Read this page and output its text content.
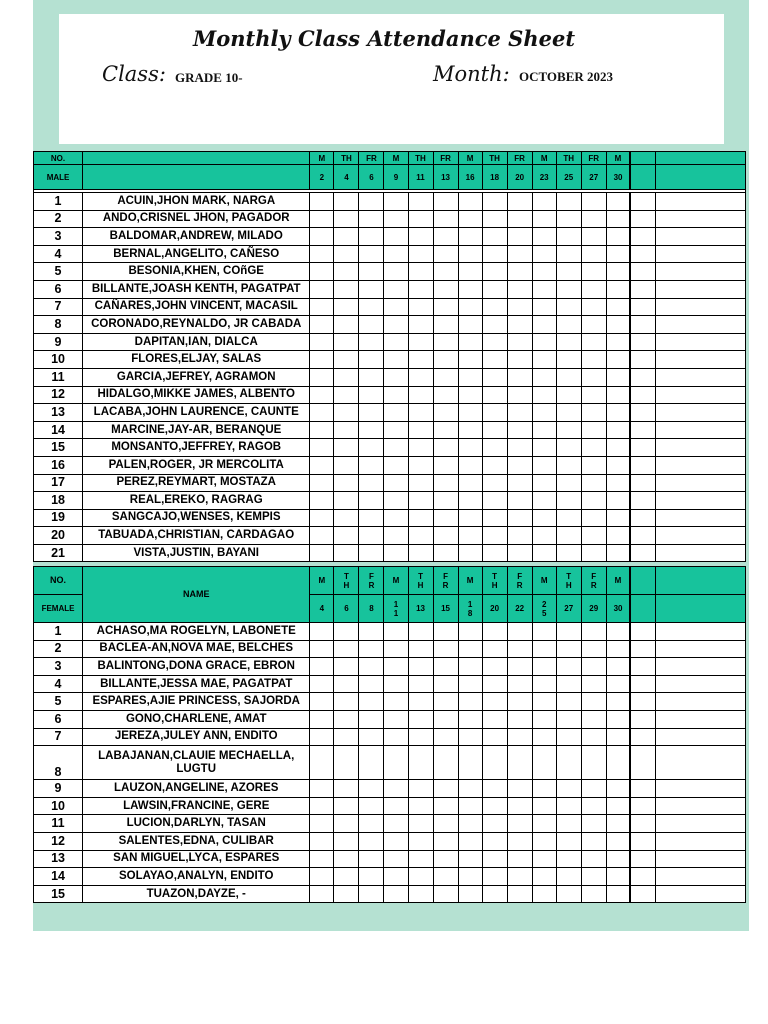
Monthly Class Attendance Sheet
Class: GRADE 10-	Month: OCTOBER 2023
NO.		M	TH	FR	M	TH	FR	M	TH	FR	M	TH	FR	M		
MALE		2	4	6	9	11	13	16	18	20	23	25	27	30		

1	ACUIN,JHON MARK, NARGA															
2	ANDO,CRISNEL JHON, PAGADOR															
3	BALDOMAR,ANDREW, MILADO															
4	BERNAL,ANGELITO, CAÑESO															
5	BESONIA,KHEN, COñGE															
6	BILLANTE,JOASH KENTH, PAGATPAT															
7	CAÑARES,JOHN VINCENT, MACASIL															
8	CORONADO,REYNALDO, JR CABADA															
9	DAPITAN,IAN, DIALCA															
10	FLORES,ELJAY, SALAS															
11	GARCIA,JEFREY, AGRAMON															
12	HIDALGO,MIKKE JAMES, ALBENTO															
13	LACABA,JOHN LAURENCE, CAUNTE															
14	MARCINE,JAY-AR, BERANQUE															
15	MONSANTO,JEFFREY, RAGOB															
16	PALEN,ROGER, JR MERCOLITA															
17	PEREZ,REYMART, MOSTAZA															
18	REAL,EREKO, RAGRAG															
19	SANGCAJO,WENSES, KEMPIS															
20	TABUADA,CHRISTIAN, CARDAGAO															
21	VISTA,JUSTIN, BAYANI															
NO.	NAME	M	TH	FR	M	TH	FR	M	TH	FR	M	TH	FR	M		
FEMALE		4	6	8	11	13	15	18	20	22	25	27	29	30		
1	ACHASO,MA ROGELYN, LABONETE															
2	BACLEA-AN,NOVA MAE, BELCHES															
3	BALINTONG,DONA GRACE, EBRON															
4	BILLANTE,JESSA MAE, PAGATPAT															
5	ESPARES,AJIE PRINCESS, SAJORDA															
6	GONO,CHARLENE, AMAT															
7	JEREZA,JULEY ANN, ENDITO															
8	LABAJANAN,CLAUIE MECHAELLA, LUGTU															
9	LAUZON,ANGELINE, AZORES															
10	LAWSIN,FRANCINE, GERE															
11	LUCION,DARLYN, TASAN															
12	SALENTES,EDNA, CULIBAR															
13	SAN MIGUEL,LYCA, ESPARES															
14	SOLAYAO,ANALYN, ENDITO															
15	TUAZON,DAYZE, -															
